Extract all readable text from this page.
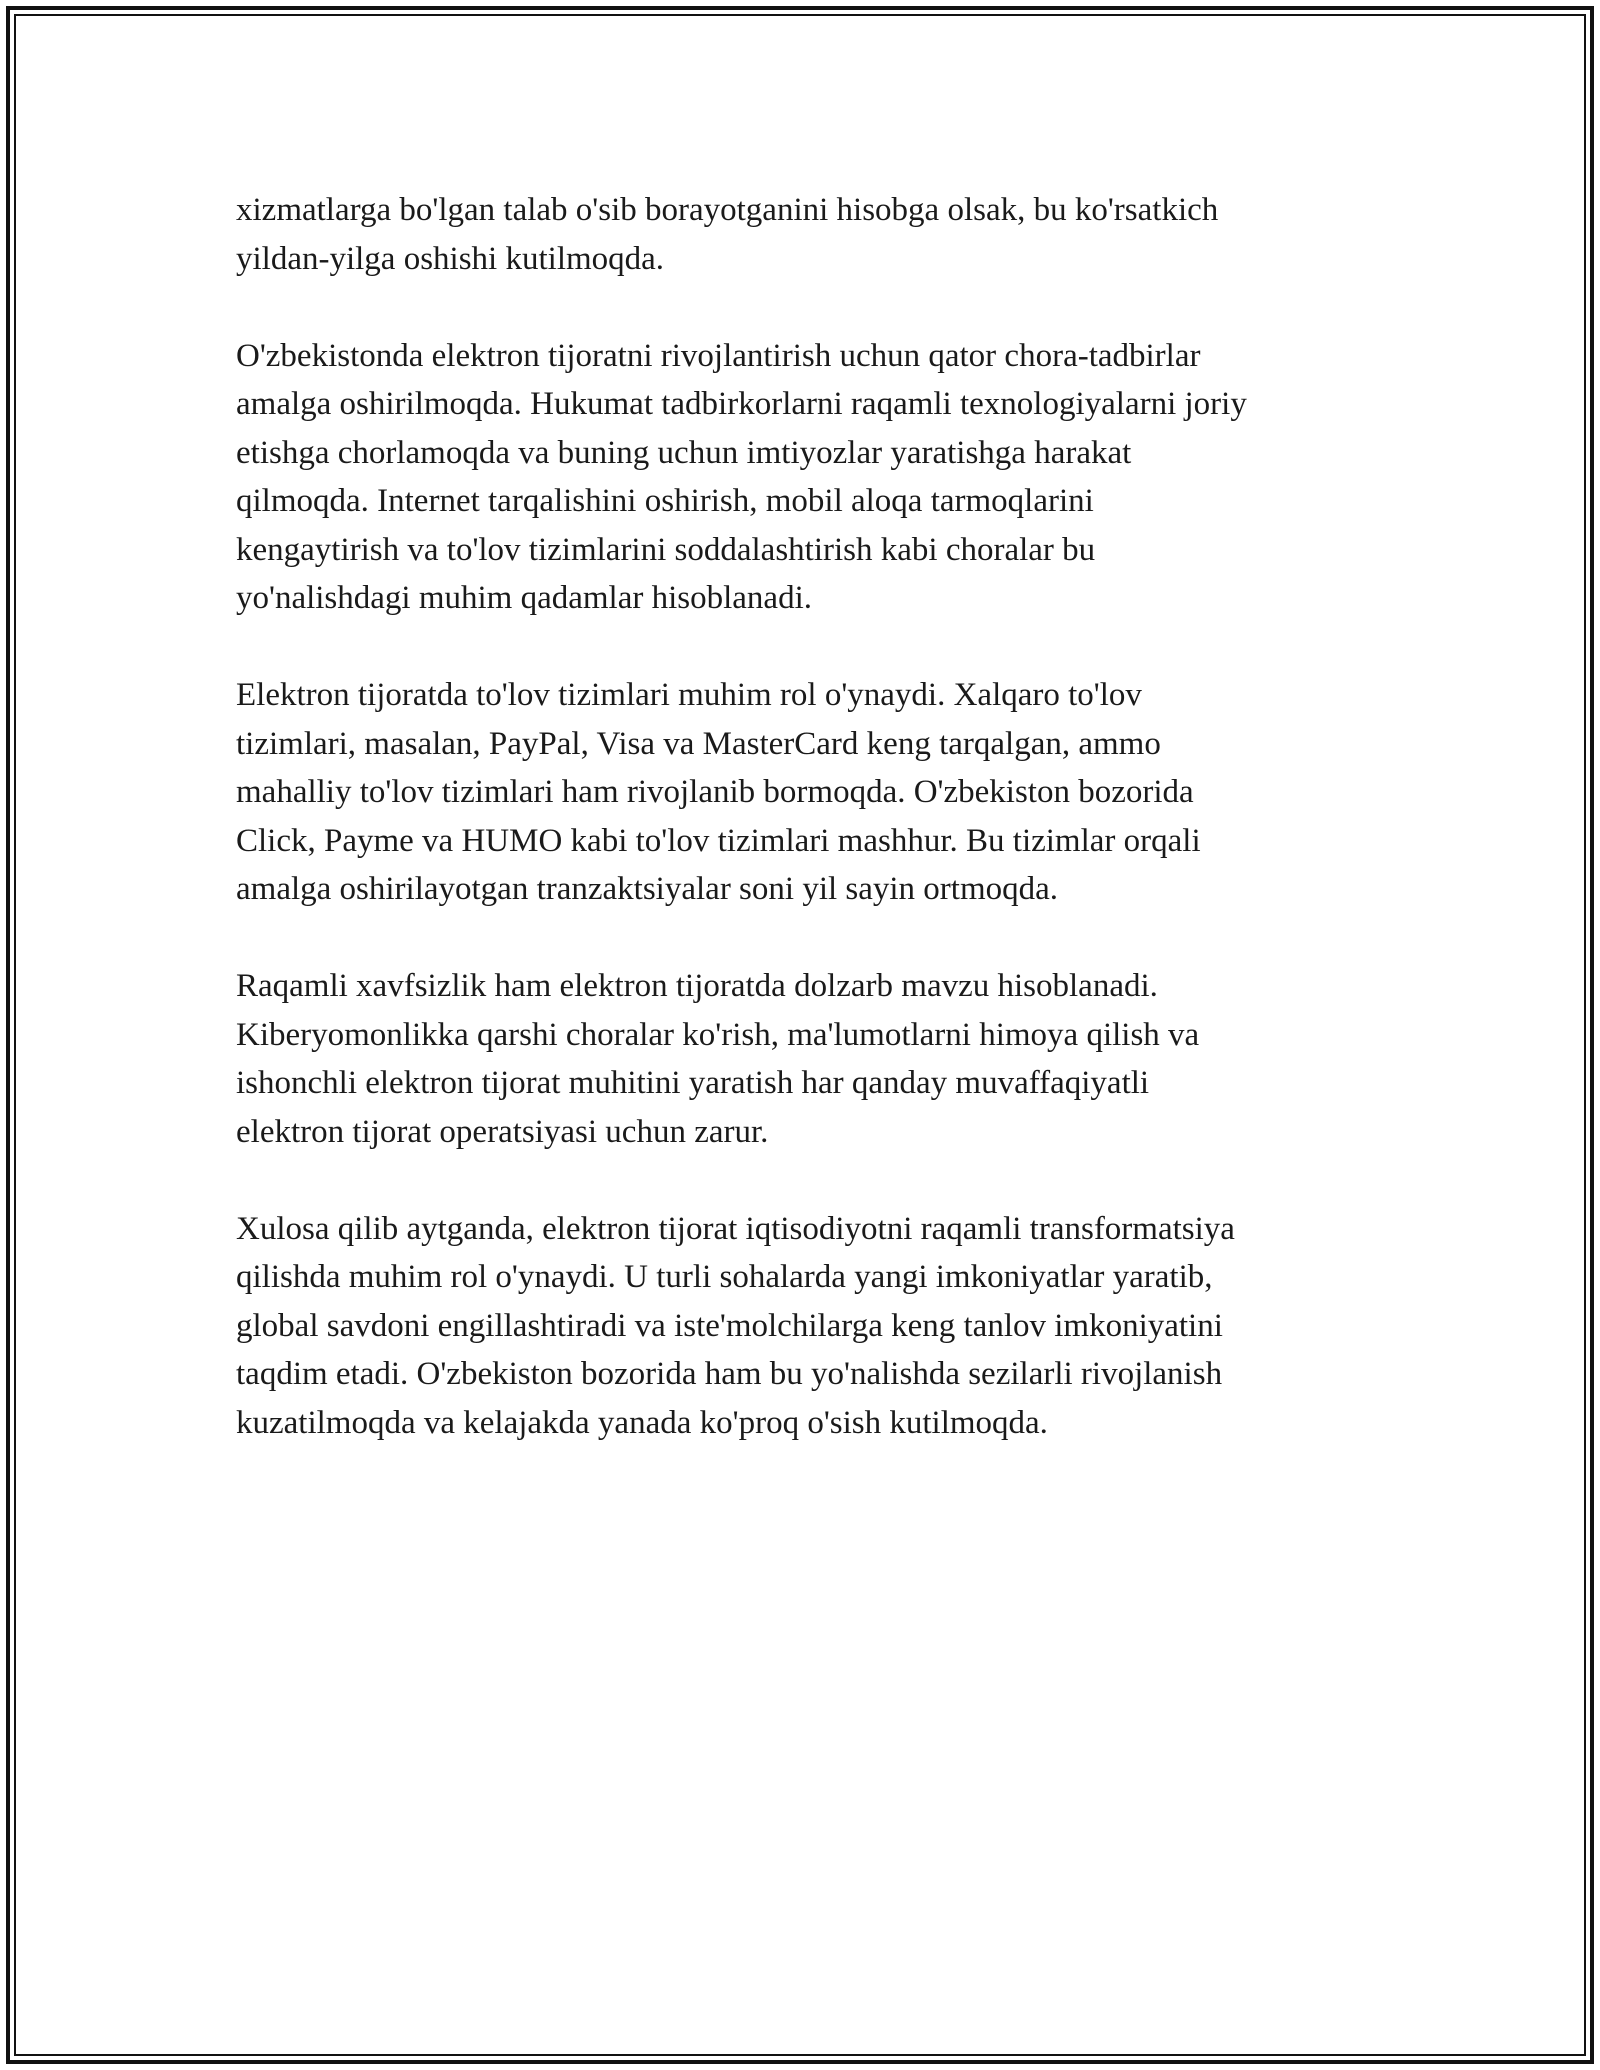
xizmatlarga bo'lgan talab o'sib borayotganini hisobga olsak, bu ko'rsatkich
yildan-yilga oshishi kutilmoqda.

O'zbekistonda elektron tijoratni rivojlantirish uchun qator chora-tadbirlar
amalga oshirilmoqda. Hukumat tadbirkorlarni raqamli texnologiyalarni joriy
etishga chorlamoqda va buning uchun imtiyozlar yaratishga harakat
qilmoqda. Internet tarqalishini oshirish, mobil aloqa tarmoqlarini
kengaytirish va to'lov tizimlarini soddalashtirish kabi choralar bu
yo'nalishdagi muhim qadamlar hisoblanadi.

Elektron tijoratda to'lov tizimlari muhim rol o'ynaydi. Xalqaro to'lov
tizimlari, masalan, PayPal, Visa va MasterCard keng tarqalgan, ammo
mahalliy to'lov tizimlari ham rivojlanib bormoqda. O'zbekiston bozorida
Click, Payme va HUMO kabi to'lov tizimlari mashhur. Bu tizimlar orqali
amalga oshirilayotgan tranzaktsiyalar soni yil sayin ortmoqda.

Raqamli xavfsizlik ham elektron tijoratda dolzarb mavzu hisoblanadi.
Kiberyomonlikka qarshi choralar ko'rish, ma'lumotlarni himoya qilish va
ishonchli elektron tijorat muhitini yaratish har qanday muvaffaqiyatli
elektron tijorat operatsiyasi uchun zarur.

Xulosa qilib aytganda, elektron tijorat iqtisodiyotni raqamli transformatsiya
qilishda muhim rol o'ynaydi. U turli sohalarda yangi imkoniyatlar yaratib,
global savdoni engillashtiradi va iste'molchilarga keng tanlov imkoniyatini
taqdim etadi. O'zbekiston bozorida ham bu yo'nalishda sezilarli rivojlanish
kuzatilmoqda va kelajakda yanada ko'proq o'sish kutilmoqda.
